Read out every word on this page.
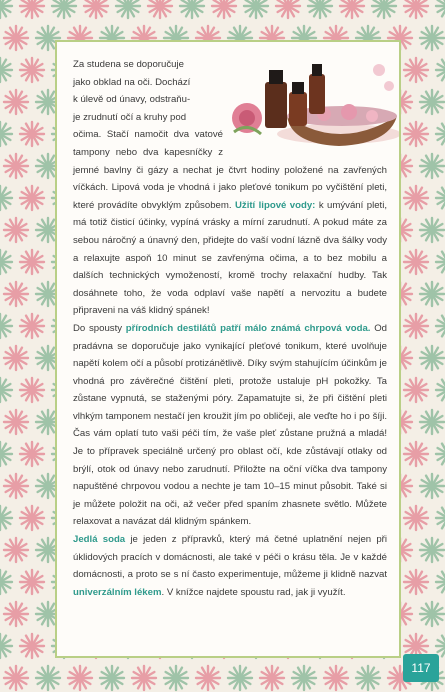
Za studena se doporučuje
jako obklad na oči. Dochází
k úlevě od únavy, odstraňu-
je zrudnutí očí a kruhy pod
očima. Stačí namočit dva vatové tampony nebo dva kapesníčky z jemné bavlny či gázy a nechat je čtvrt hodiny položené na zavřených víčkách. Lipová voda je vhodná i jako pleťové tonikum po vyčištění pleti, které provádíte obvyklým způsobem. Užití lipové vody: k umývání pleti, má totiž čisticí účinky, vypíná vrásky a mírní zarudnutí. A pokud máte za sebou náročný a únavný den, přidejte do vaší vodní lázně dva šálky vody a relaxujte aspoň 10 minut se zavřenýma očima, a to bez mobilu a dalších technických vymožeností, kromě trochy relaxační hudby. Tak dosáhnete toho, že voda odplaví vaše napětí a nervozitu a budete připraveni na váš klidný spánek!

Do spousty přírodních destilátů patří málo známá chrpová voda. Od pradávna se doporučuje jako vynikající pleťové tonikum, které uvolňuje napětí kolem očí a působí protizánětlivě. Díky svým stahujícím účinkům je vhodná pro závěrečné čištění pleti, protože ustaluje pH pokožky. Ta zůstane vypnutá, se staženými póry. Zapamatujte si, že při čištění pleti vlhkým tamponem nestačí jen kroužit jím po obličeji, ale veďte ho i po šíji. Čas vám oplatí tuto vaši péči tím, že vaše pleť zůstane pružná a mladá! Je to přípravek speciálně určený pro oblast očí, kde zůstávají otlaky od brýlí, otok od únavy nebo zarudnutí. Přiložte na oční víčka dva tampony napuštěné chrpovou vodou a nechte je tam 10–15 minut působit. Také si je můžete položit na oči, až večer před spaním zhasnete světlo. Můžete relaxovat a navázat dál klidným spánkem.

Jedlá soda je jeden z přípravků, který má četné uplatnění nejen při úklidových pracích v domácnosti, ale také v péči o krásu těla. Je v každé domácnosti, a proto se s ní často experimentuje, můžeme ji klidně nazvat univerzálním lékem. V knížce najdete spoustu rad, jak ji využít.

117
